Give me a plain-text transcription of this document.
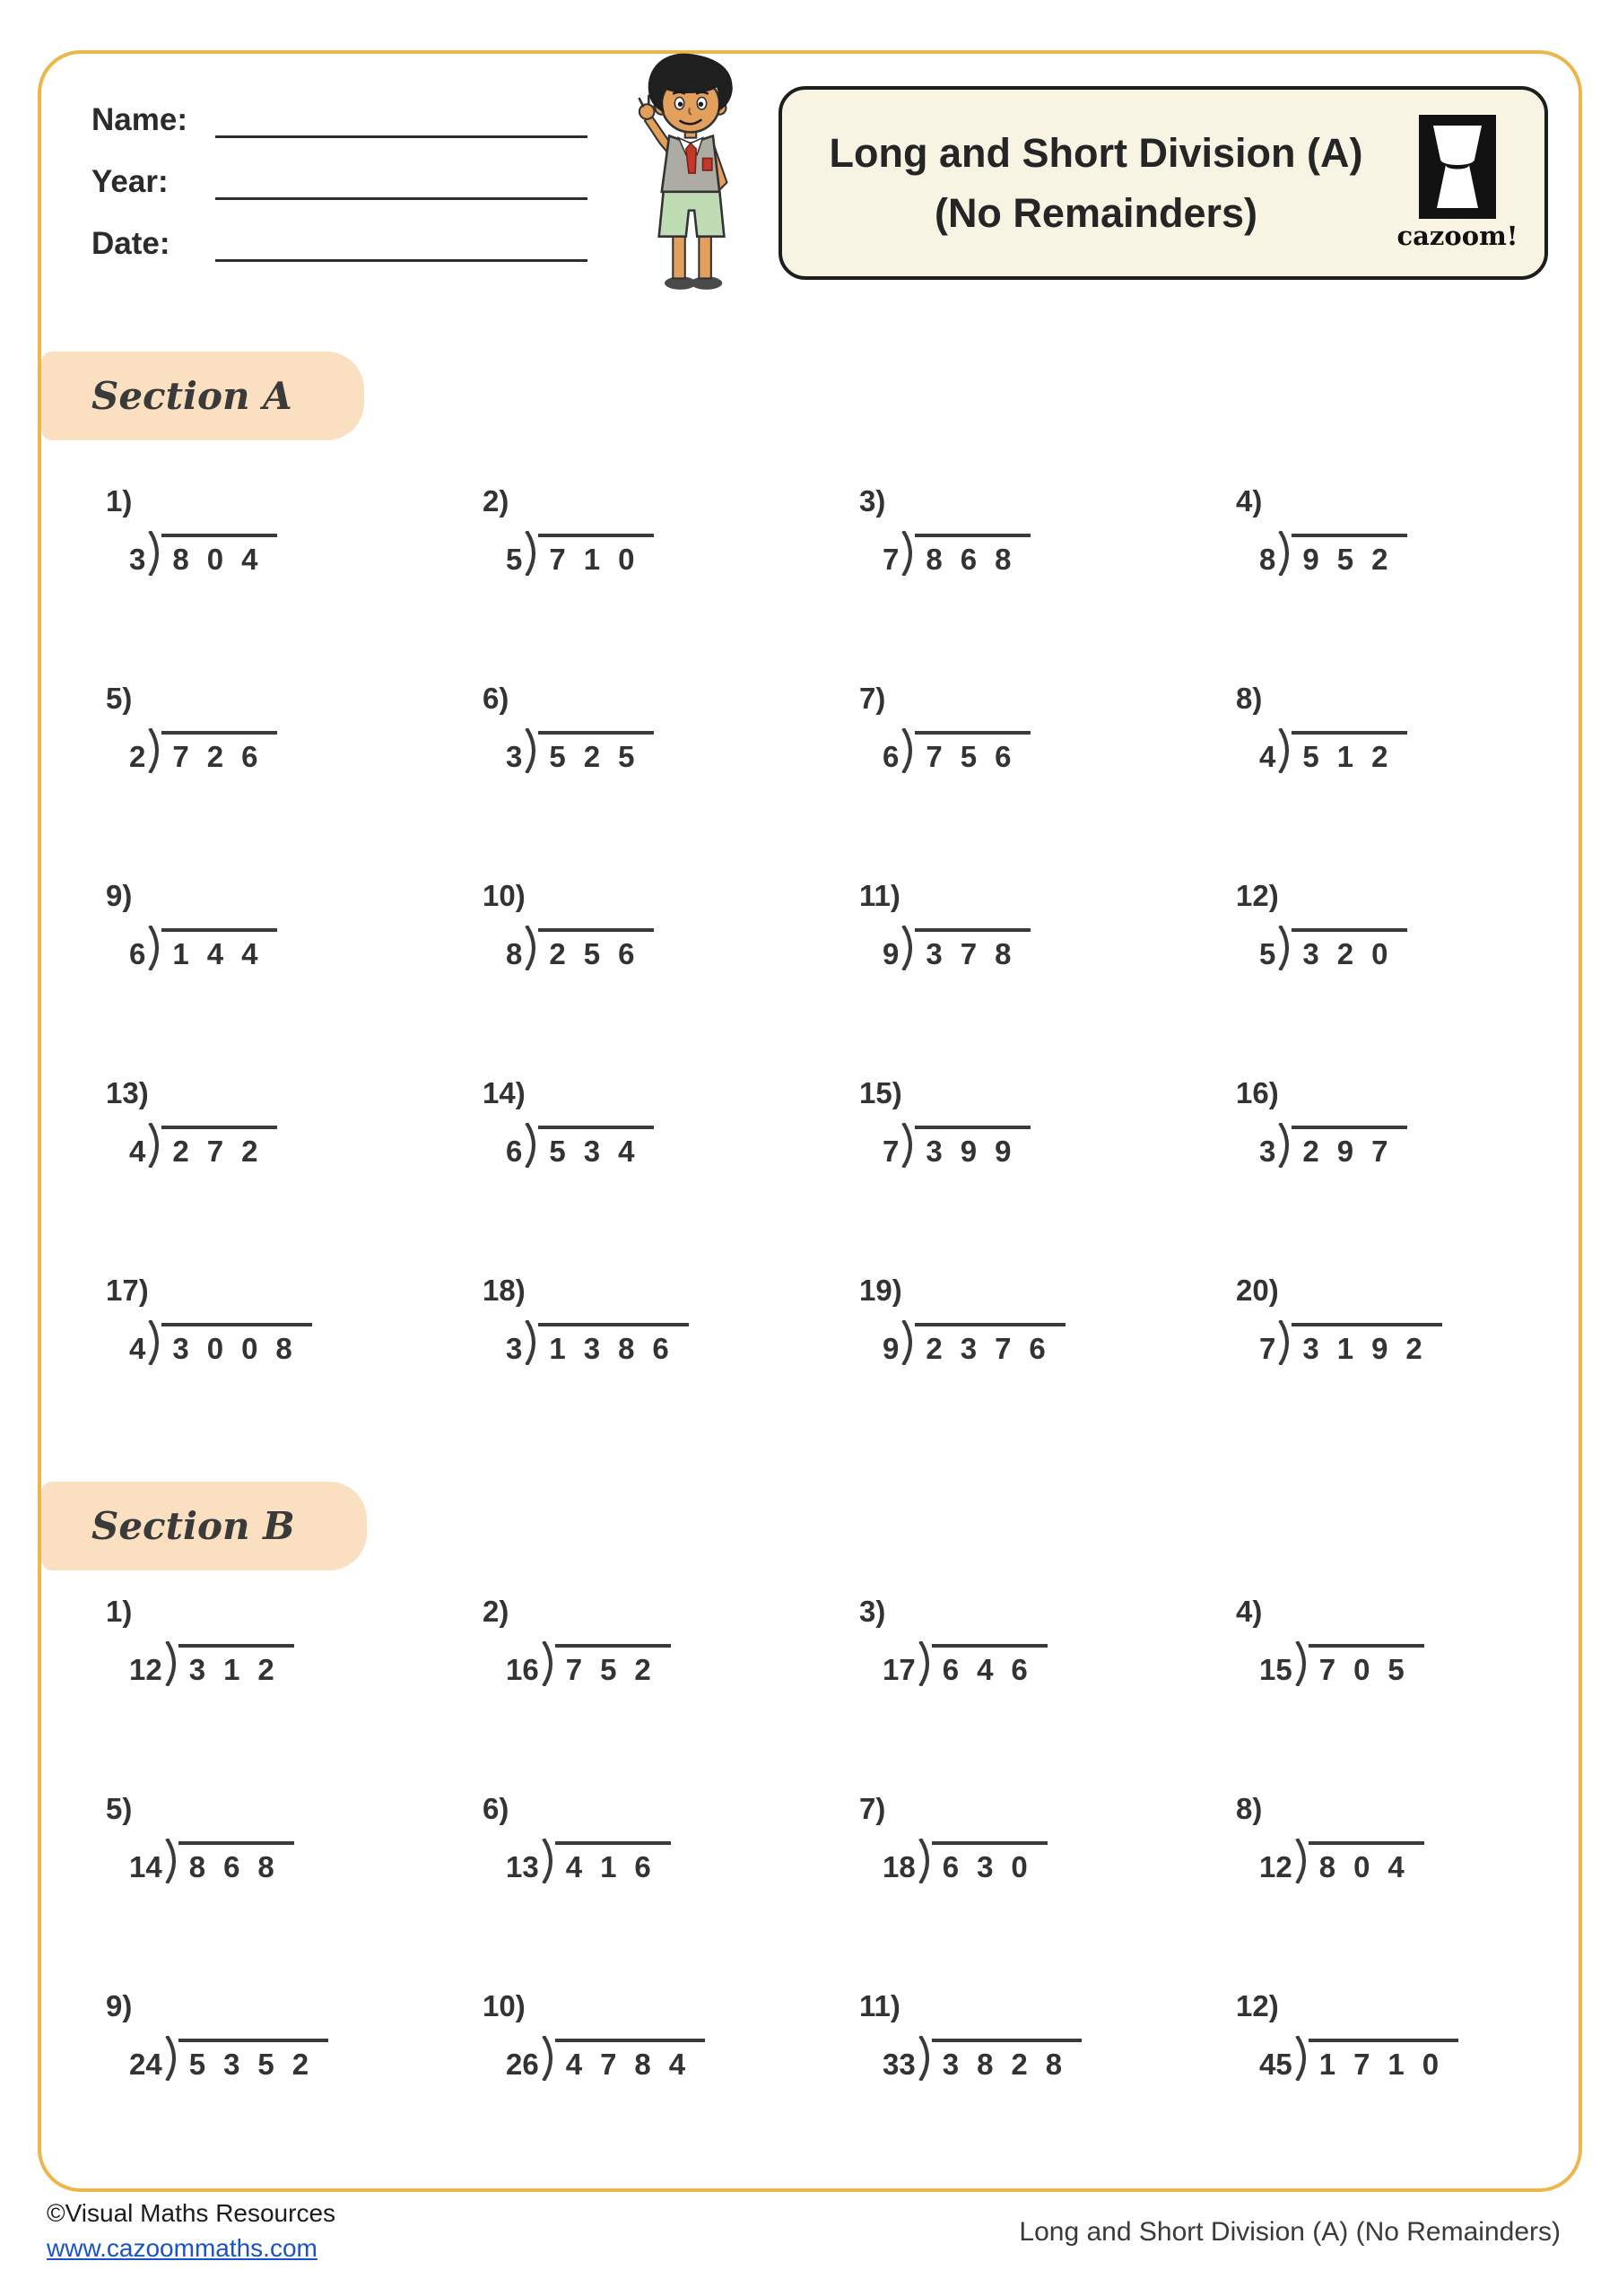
Name:
Year:
Date:
Long and Short Division (A)
(No Remainders)	cazoom!
Section A
1)
3 804
2)
5 710
3)
7 868
4)
8 952
5)
2 726
6)
3 525
7)
6 756
8)
4 512
9)
6 144
10)
8 256
11)
9 378
12)
5 320
13)
4 272
14)
6 534
15)
7 399
16)
3 297
17)
4 3008
18)
3 1386
19)
9 2376
20)
7 3192
Section B
1)
12 312
2)
16 752
3)
17 646
4)
15 705
5)
14 868
6)
13 416
7)
18 630
8)
12 804
9)
24 5352
10)
26 4784
11)
33 3828
12)
45 1710
©Visual Maths Resources
www.cazoommaths.com
Long and Short Division (A) (No Remainders)
